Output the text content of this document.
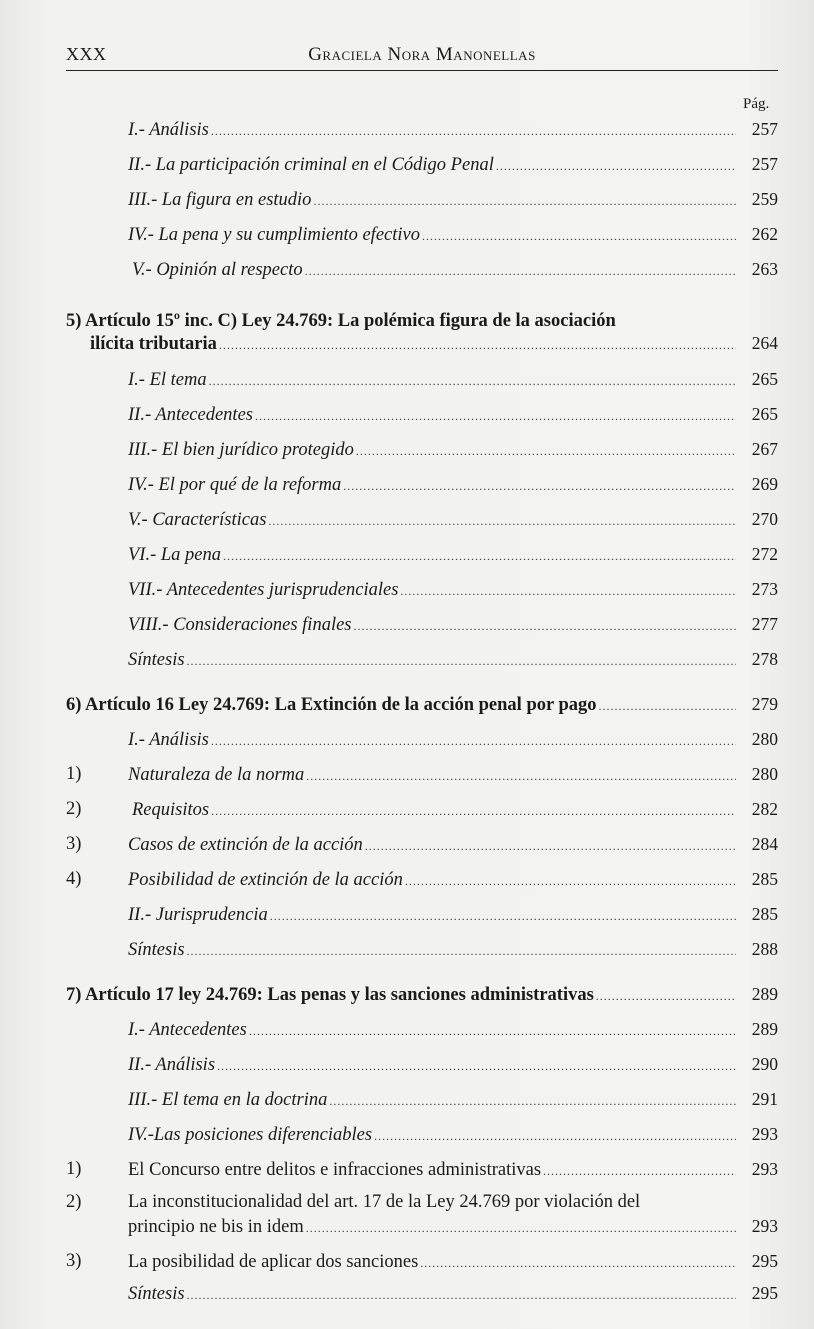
XXX	Graciela Nora Manonellas
Pág.
I.- Análisis .....	257
II.- La participación criminal en el Código Penal .....	257
III.- La figura en estudio .....	259
IV.- La pena y su cumplimiento efectivo .....	262
V.- Opinión al respecto .....	263
5) Artículo 15º inc. C) Ley 24.769: La polémica figura de la asociación
ilícita tributaria .....	264
I.- El tema .....	265
II.- Antecedentes .....	265
III.- El bien jurídico protegido .....	267
IV.- El por qué de la reforma .....	269
V.- Características .....	270
VI.- La pena .....	272
VII.- Antecedentes jurisprudenciales .....	273
VIII.- Consideraciones finales .....	277
Síntesis .....	278
6) Artículo 16 Ley 24.769: La Extinción de la acción penal por pago .....	279
I.- Análisis .....	280
1)	Naturaleza de la norma .....	280
2)	Requisitos .....	282
3)	Casos de extinción de la acción .....	284
4)	Posibilidad de extinción de la acción .....	285
II.- Jurisprudencia .....	285
Síntesis .....	288
7) Artículo 17 ley 24.769: Las penas y las sanciones administrativas .....	289
I.- Antecedentes .....	289
II.- Análisis .....	290
III.- El tema en la doctrina .....	291
IV.-Las posiciones diferenciables .....	293
1)	El Concurso entre delitos e infracciones administrativas .....	293
2)	La inconstitucionalidad del art. 17 de la Ley 24.769 por violación del
principio ne bis in idem .....	293
3)	La posibilidad de aplicar dos sanciones .....	295
Síntesis .....	295
